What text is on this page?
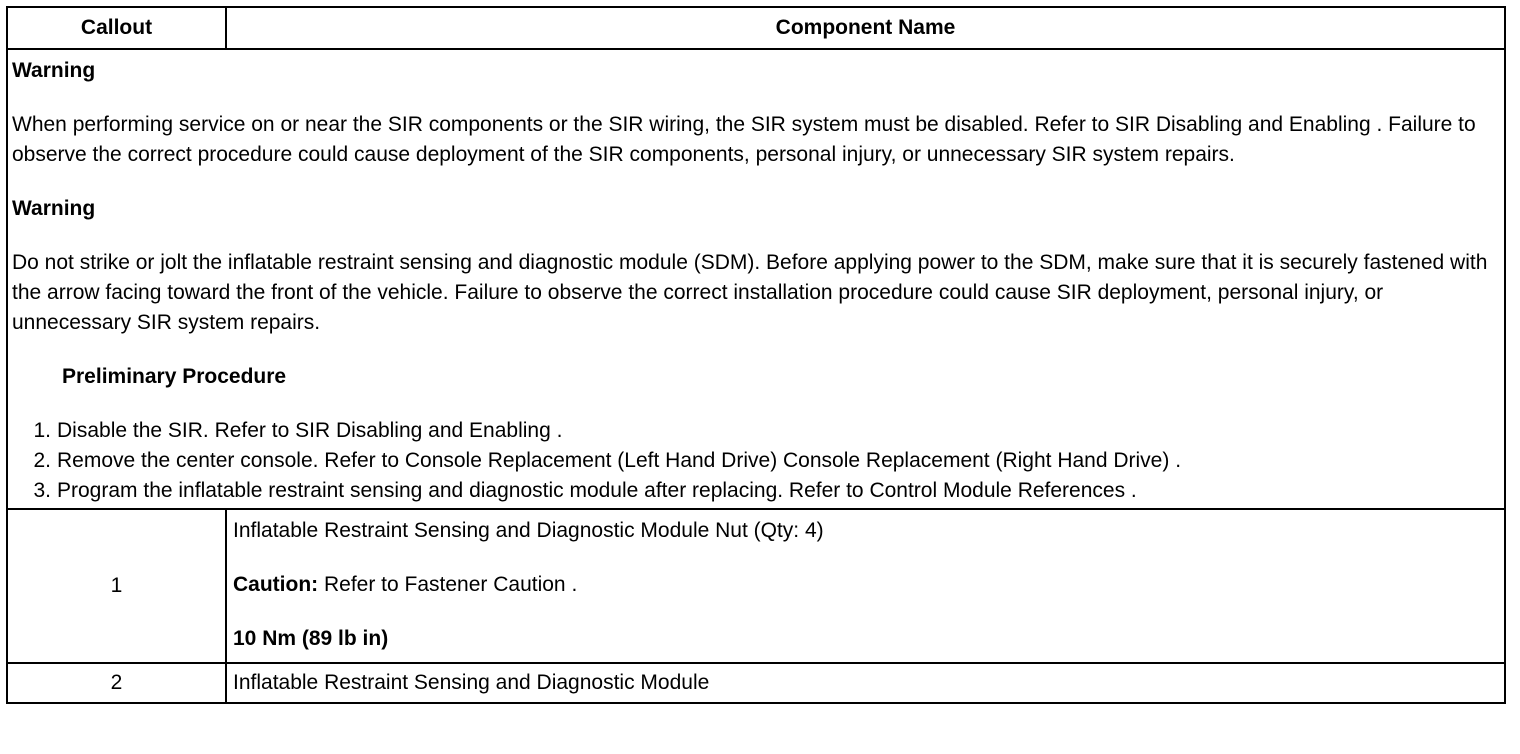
Callout	Component Name

Warning

When performing service on or near the SIR components or the SIR wiring, the SIR system must be disabled. Refer to SIR Disabling and Enabling . Failure to observe the correct procedure could cause deployment of the SIR components, personal injury, or unnecessary SIR system repairs.

Warning

Do not strike or jolt the inflatable restraint sensing and diagnostic module (SDM). Before applying power to the SDM, make sure that it is securely fastened with the arrow facing toward the front of the vehicle. Failure to observe the correct installation procedure could cause SIR deployment, personal injury, or unnecessary SIR system repairs.

Preliminary Procedure

1. Disable the SIR. Refer to SIR Disabling and Enabling .
2. Remove the center console. Refer to Console Replacement (Left Hand Drive) Console Replacement (Right Hand Drive) .
3. Program the inflatable restraint sensing and diagnostic module after replacing. Refer to Control Module References .
1

Inflatable Restraint Sensing and Diagnostic Module Nut (Qty: 4)

Caution: Refer to Fastener Caution .

10 Nm (89 lb in)

2	Inflatable Restraint Sensing and Diagnostic Module
